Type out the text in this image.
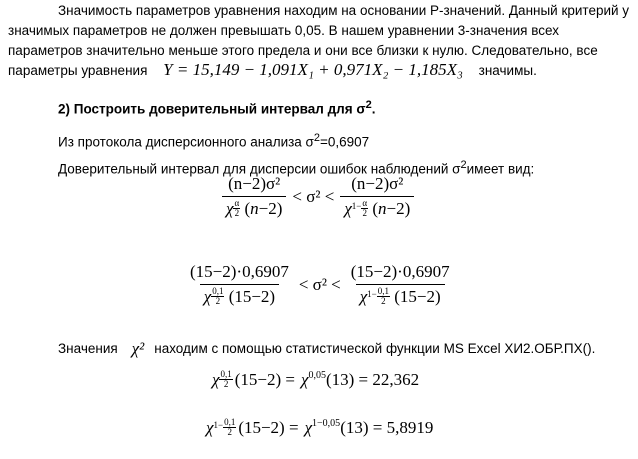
Значимость параметров уравнения находим на основании P-значений. Данный критерий у

значимых параметров не должен превышать 0,05. В нашем уравнении 3-значения всех

параметров значительно меньше этого предела и они все близки к нулю. Следовательно, все

параметры уравнения Y = 15,149 − 1,091X₁ + 0,971X₂ − 1,185X₃ значимы.
2) Построить доверительный интервал для $\sigma^2$.
Из протокола дисперсионного анализа $\sigma^2=0,6907$
Доверительный интервал для дисперсии ошибок наблюдений $\sigma^2имеет$ вид:
(n−2)σ²
χ α
2 $(n-2) < \sigma^2 < \frac{\text{(n−2)σ²}}{\chi 1- \frac{\alpha}{2} (n-2)}$
(15−2)·0,6907
χ 0,1
2 $(15-2) < \sigma^2 < \frac{(15-2)\cdot 0,6907}{\chi 1- \frac{0,1}{2} (15-2)}$
Значения χ² находим с помощью статистической функции MS Excel ХИ2.ОБР.ПХ().
χ 0,1
2 $(15-2) = \chi^{0,05}$ (13) = 22,362
χ $1- \frac{0,1}{2} (15-2) = \chi^{1-0,05}$ (13) = 5,8919
